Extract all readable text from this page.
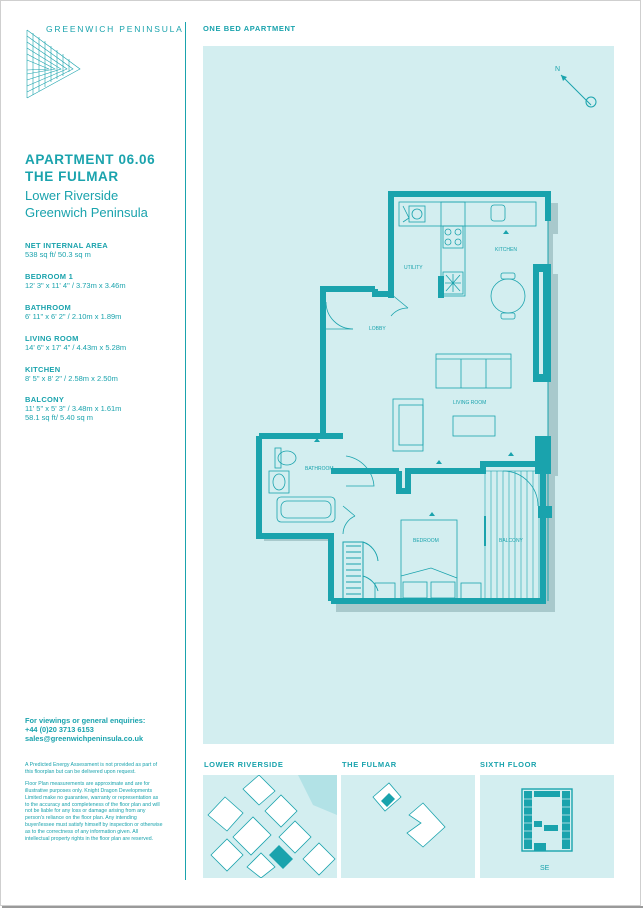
GREENWICH PENINSULA
APARTMENT 06.06
THE FULMAR
Lower Riverside
Greenwich Peninsula
NET INTERNAL AREA
538 sq ft/ 50.3 sq m
BEDROOM 1
12' 3" x 11' 4" / 3.73m x 3.46m
BATHROOM
6' 11" x 6' 2" / 2.10m x 1.89m
LIVING ROOM
14' 6" x 17' 4" / 4.43m x 5.28m
KITCHEN
8' 5" x 8' 2" / 2.58m x 2.50m
BALCONY
11' 5" x 5' 3" / 3.48m x 1.61m
58.1 sq ft/ 5.40 sq m
For viewings or general enquiries:
+44 (0)20 3713 6153
sales@greenwichpeninsula.co.uk

A Predicted Energy Assessment is not provided as part of this floorplan but can be delivered upon request.

Floor Plan measurements are approximate and are for illustrative purposes only. Knight Dragon Developments Limited make no guarantee, warranty or representation as to the accuracy and completeness of the floor plan and will not be liable for any loss or damage arising from any person's reliance on the floor plan. Any intending buyer/lessee must satisfy himself by inspection or otherwise as to the correctness of any information given. All intellectual property rights in the floor plan are reserved.

ONE BED APARTMENT
N
KITCHEN
UTILITY
LOBBY
LIVING ROOM
BATHROOM
BEDROOM	BALCONY
LOWER RIVERSIDE	THE FULMAR	SIXTH FLOOR
SE
